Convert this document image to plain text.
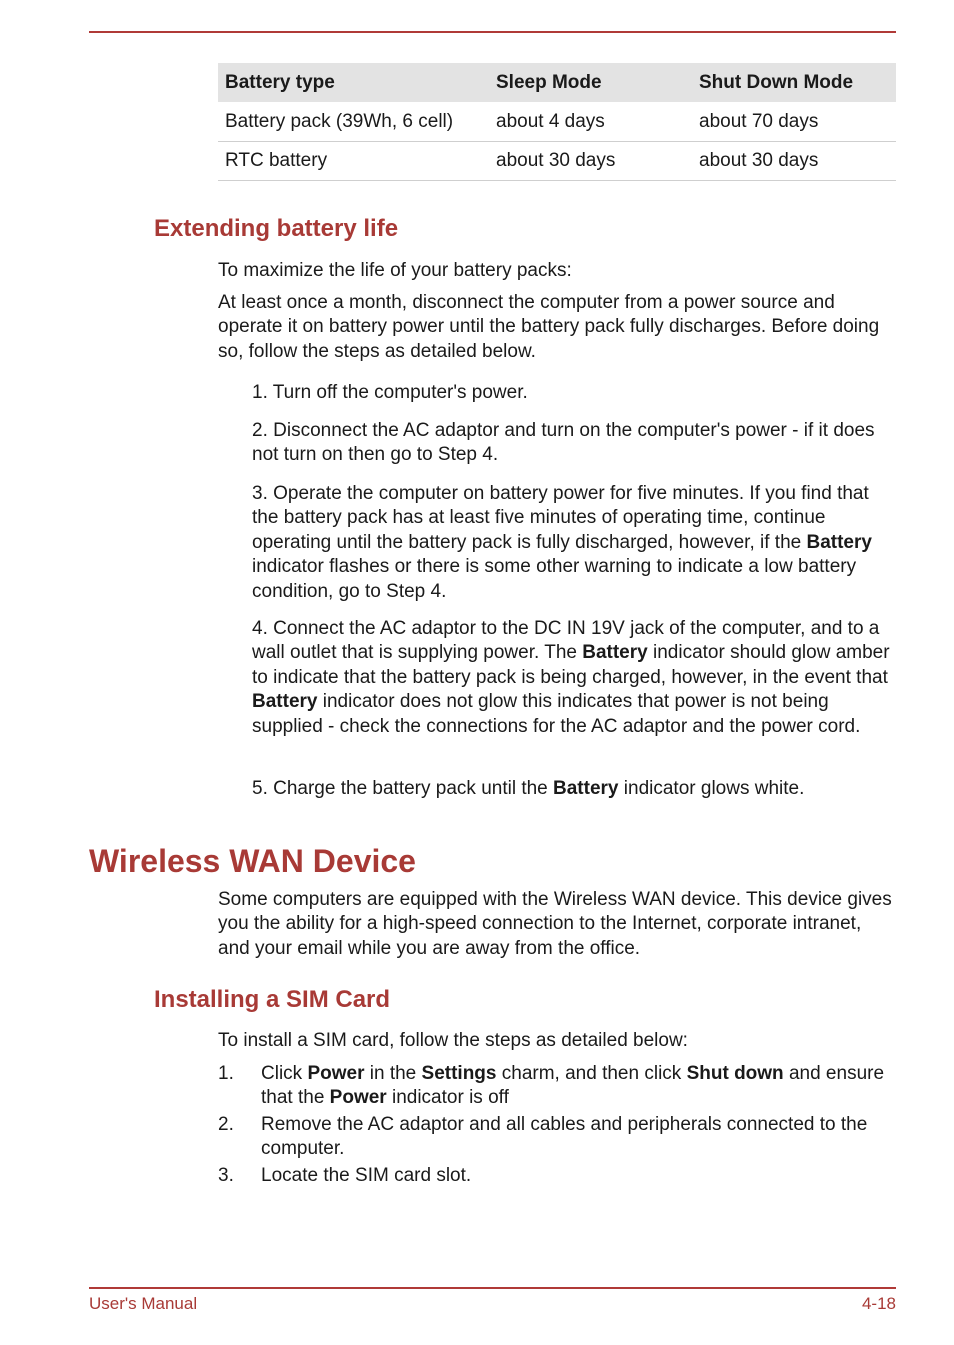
Battery type	Sleep Mode	Shut Down Mode
Battery pack (39Wh, 6 cell)	about 4 days	about 70 days
RTC battery	about 30 days	about 30 days
Extending battery life

To maximize the life of your battery packs:

At least once a month, disconnect the computer from a power source and operate it on battery power until the battery pack fully discharges. Before doing so, follow the steps as detailed below.

1. Turn off the computer's power.

2. Disconnect the AC adaptor and turn on the computer's power - if it does not turn on then go to Step 4.

3. Operate the computer on battery power for five minutes. If you find that the battery pack has at least five minutes of operating time, continue operating until the battery pack is fully discharged, however, if the Battery indicator flashes or there is some other warning to indicate a low battery condition, go to Step 4.

4. Connect the AC adaptor to the DC IN 19V jack of the computer, and to a wall outlet that is supplying power. The Battery indicator should glow amber to indicate that the battery pack is being charged, however, in the event that Battery indicator does not glow this indicates that power is not being supplied - check the connections for the AC adaptor and the power cord.

5. Charge the battery pack until the Battery indicator glows white.

Wireless WAN Device

Some computers are equipped with the Wireless WAN device. This device gives you the ability for a high-speed connection to the Internet, corporate intranet, and your email while you are away from the office.

Installing a SIM Card

To install a SIM card, follow the steps as detailed below:

1. Click Power in the Settings charm, and then click Shut down and ensure that the Power indicator is off

2. Remove the AC adaptor and all cables and peripherals connected to the computer.

3. Locate the SIM card slot.

User's Manual	4-18
